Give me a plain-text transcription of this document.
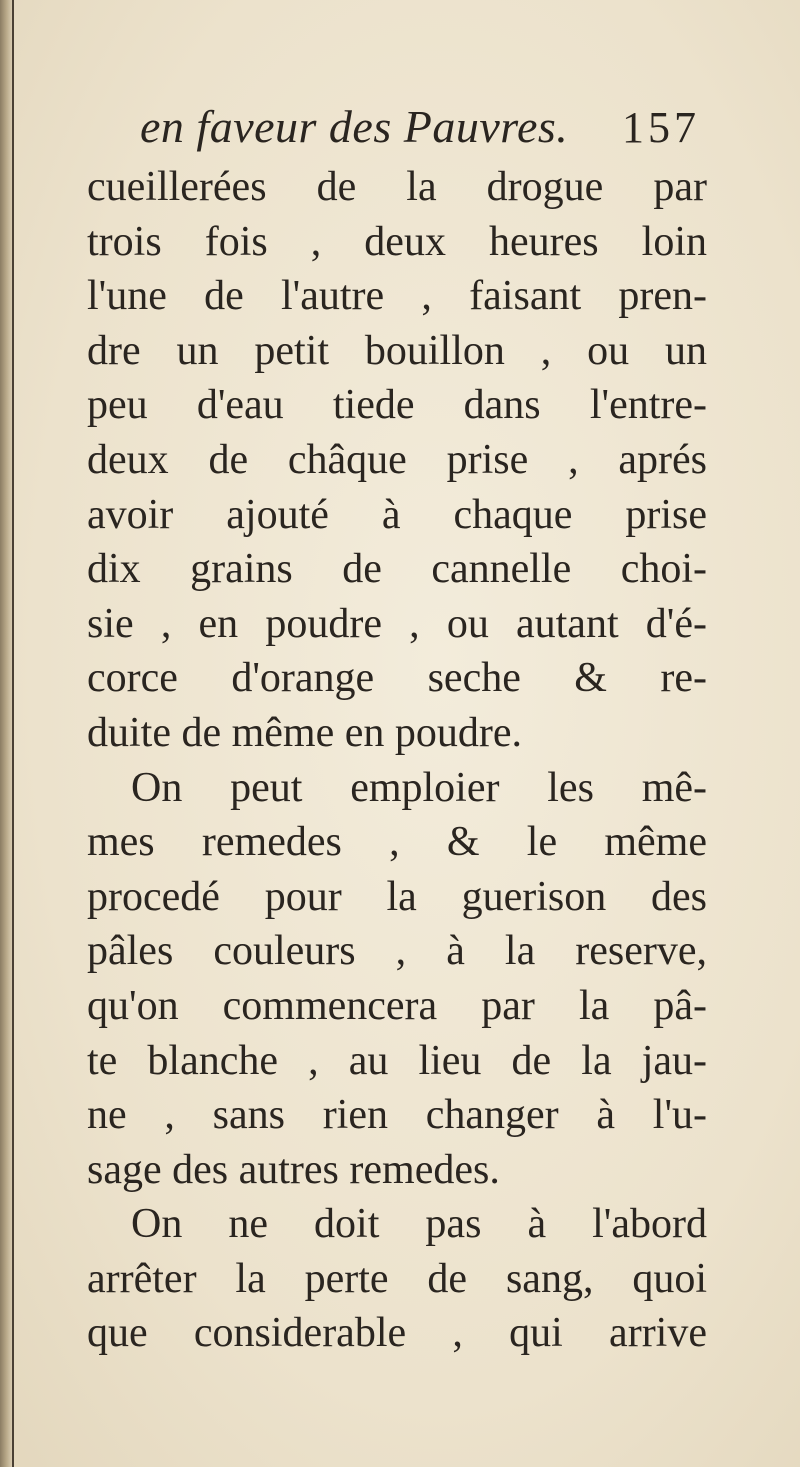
en faveur des Pauvres. 157
cueillerées de la drogue par
trois fois , deux heures loin
l'une de l'autre , faisant pren-
dre un petit bouillon , ou un
peu d'eau tiede dans l'entre-
deux de châque prise , aprés
avoir ajouté à chaque prise
dix grains de cannelle choi-
sie , en poudre , ou autant d'é-
corce d'orange seche & re-
duite de même en poudre.
On peut emploier les mê-
mes remedes , & le même
procedé pour la guerison des
pâles couleurs , à la reserve,
qu'on commencera par la pâ-
te blanche , au lieu de la jau-
ne , sans rien changer à l'u-
sage des autres remedes.
On ne doit pas à l'abord
arrêter la perte de sang, quoi
que considerable , qui arrive
